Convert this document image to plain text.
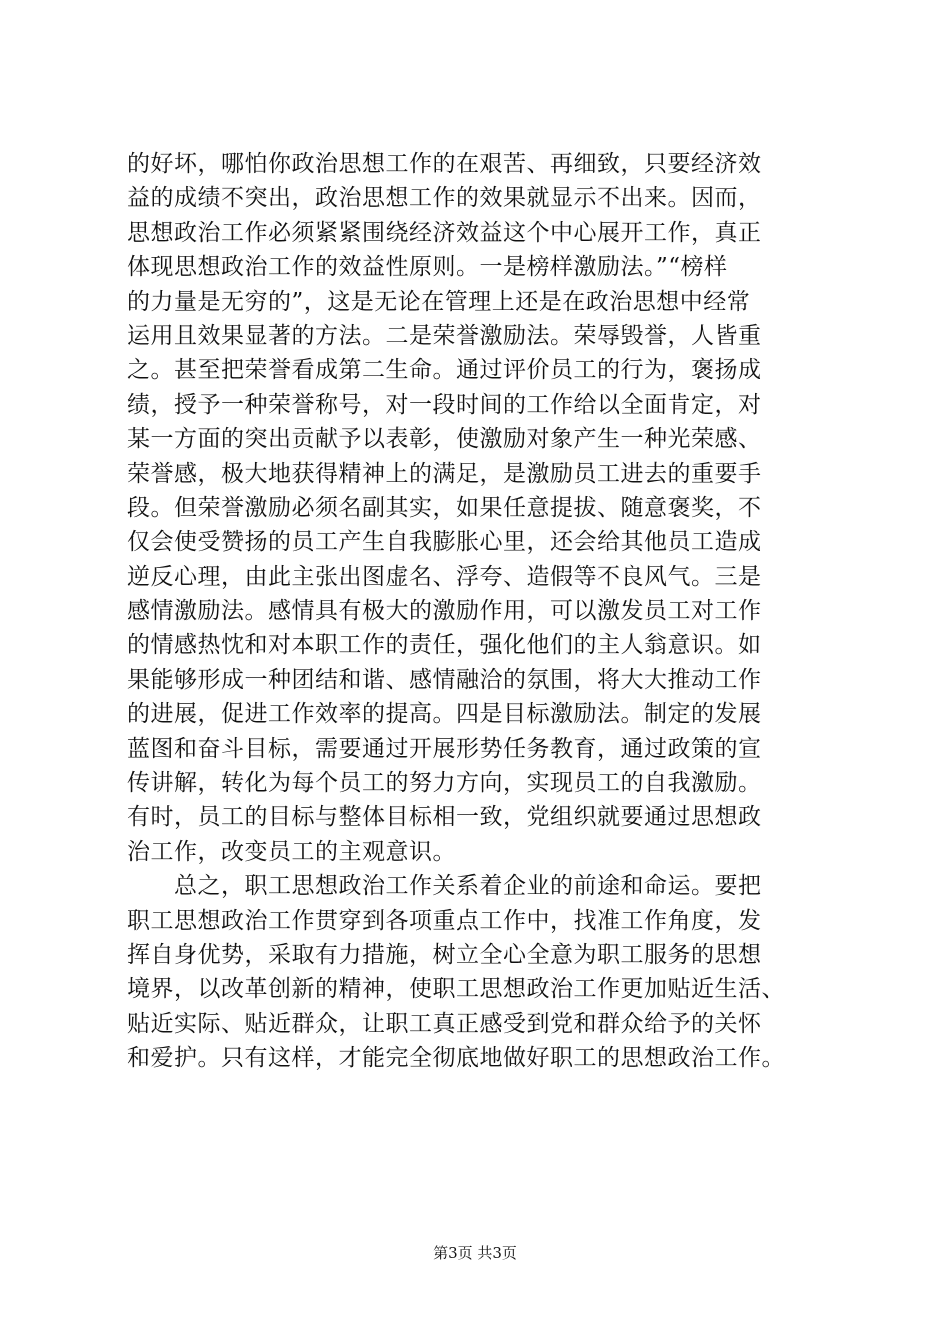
的好坏，哪怕你政治思想工作的在艰苦、再细致，只要经济效
益的成绩不突出，政治思想工作的效果就显示不出来。因而，
思想政治工作必须紧紧围绕经济效益这个中心展开工作，真正
体现思想政治工作的效益性原则。一是榜样激励法。”“榜样
的力量是无穷的”，这是无论在管理上还是在政治思想中经常
运用且效果显著的方法。二是荣誉激励法。荣辱毁誉，人皆重
之。甚至把荣誉看成第二生命。通过评价员工的行为，褒扬成
绩，授予一种荣誉称号，对一段时间的工作给以全面肯定，对
某一方面的突出贡献予以表彰，使激励对象产生一种光荣感、
荣誉感，极大地获得精神上的满足，是激励员工进去的重要手
段。但荣誉激励必须名副其实，如果任意提拔、随意褒奖，不
仅会使受赞扬的员工产生自我膨胀心里，还会给其他员工造成
逆反心理，由此主张出图虚名、浮夸、造假等不良风气。三是
感情激励法。感情具有极大的激励作用，可以激发员工对工作
的情感热忱和对本职工作的责任，强化他们的主人翁意识。如
果能够形成一种团结和谐、感情融洽的氛围，将大大推动工作
的进展，促进工作效率的提高。四是目标激励法。制定的发展
蓝图和奋斗目标，需要通过开展形势任务教育，通过政策的宣
传讲解，转化为每个员工的努力方向，实现员工的自我激励。
有时，员工的目标与整体目标相一致，党组织就要通过思想政
治工作，改变员工的主观意识。
　　总之，职工思想政治工作关系着企业的前途和命运。要把
职工思想政治工作贯穿到各项重点工作中，找准工作角度，发
挥自身优势，采取有力措施，树立全心全意为职工服务的思想
境界，以改革创新的精神，使职工思想政治工作更加贴近生活、
贴近实际、贴近群众，让职工真正感受到党和群众给予的关怀
和爱护。只有这样，才能完全彻底地做好职工的思想政治工作。
第3页 共3页
